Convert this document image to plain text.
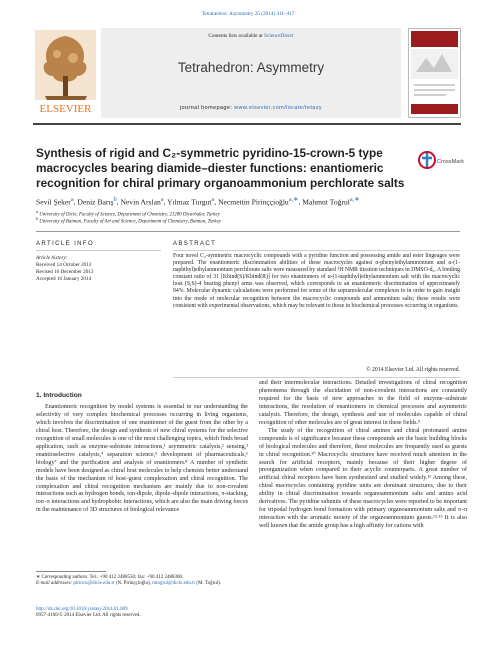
Tetrahedron: Asymmetry 25 (2014) 411–417
ELSEVIER
Contents lists available at ScienceDirect
Tetrahedron: Asymmetry
journal homepage: www.elsevier.com/locate/tetasy
Synthesis of rigid and C₂-symmetric pyridino-15-crown-5 type macrocycles bearing diamide–diester functions: enantiomeric recognition for chiral primary organoammonium perchlorate salts
CrossMark
Sevil Şeker$^a$, Deniz Barış$^b$, Nevin Arslan$^a$, Yılmaz Turgut$^a$, Necmettin Pirinççioğlu$^{a,∗}$, Mahmut Toğrul$^{a,∗}$
$^a$ University of Dicle, Faculty of Science, Department of Chemistry, 21280 Diyarbakır, Turkey
$^b$ University of Batman, Faculty of Art and Science, Department of Chemistry, Batman, Turkey
ARTICLE INFO
Article history:
Received 14 October 2013
Revised 16 December 2013
Accepted 16 January 2014
ABSTRACT
Four novel C₂-symmetric macrocyclic compounds with a pyridine function and possessing amide and ester lingeages were prepared. The enantiomeric discrimination abilities of these macrocycles against α-phenylethylammonium and α-(1-naphthyl)ethylammonium perchlorate salts were measured by standard ¹H NMR titration techniques in DMSO-d₆. A binding constant ratio of 31 [Kbind(S)/Kbind(R)] for two enantiomers of α-(1-naphthyl)ethylammonium salt with the macrocyclic host (S,S)-4 bearing phenyl arms was observed, which corresponds to an enantiomeric discrimination of approximately 94%. Molecular dynamic calculations were performed for some of the supramolecular complexes to in order to gain insight into the mode of molecular recognition between the macrocyclic compounds and ammonium salts; these results were consistent with experimental observations, which may be relevant to those in biochemical processes occurring in organisms.
© 2014 Elsevier Ltd. All rights reserved.
1. Introduction

Enantiomeric recognition by model systems is essential in our understanding the selectivity of very complex biochemical processes occurring in living organisms, which involves the discrimination of one enantiomer of the guest from the other by a chiral host. Therefore, the design and synthesis of new chiral systems for the selective recognition of small molecules is one of the most challenging topics, which finds broad application, such as enzyme-substrate interactions,¹ asymmetric catalysis,² sensing,³ enantioselective catalysis,⁴ separation science,⁵ development of pharmaceuticals,⁶ biology⁷ and the purification and analysis of enantiomers.⁸ A number of synthetic models have been designed as chiral host molecules to help chemists better understand the basis of the mechanism of host–guest complexation and chiral recognition. The complexation and chiral recognition mechanism are mainly due to non-covalent interactions such as hydrogen bonds, ion-dipole, dipole–dipole interactions, π-stacking, ion–π interactions and hydrophobic interactions, which are also the main driving forces in the maintenance of 3D structures of biological relevance

and their intermolecular interactions. Detailed investigations of chiral recognition phenomena through the elucidation of non-covalent interactions are constantly required for the basis of new approaches in the field of enzyme–substrate interactions, the resolution of enantiomers in chemical processes and asymmetric catalysis. Therefore, the design, synthesis and use of molecules capable of chiral recognition of other molecules are of great interest in these fields.⁹

The study of the recognition of chiral amines and chiral protonated amine compounds is of significance because these compounds are the basic building blocks of biological molecules and therefore, these molecules are frequently used as guests in chiral recognition.¹⁰ Macrocyclic structures have received much attention in the search for artificial receptors, mainly because of their higher degree of preorganization when compared to their acyclic counterparts. A great number of artificial chiral receptors have been synthesized and studied widely.¹¹ Among these, chiral macrocycles containing pyridine units are dominant structures, due to their ability in chiral discrimination towards organoammonium salts and amino acid derivatives. The pyridine subunits of these macrocycles were reported to be important for tripodal hydrogen bond formation with primary organoammonium salts and π–π interaction with the aromatic moiety of the organoammonium guests.¹²·¹³ It is also well known that the amide group has a high affinity for cations with

∗ Corresponding authors. Tel.: +90 412 2488550; fax: +90 412 2488300.
E-mail addresses: pirincn@dicle.edu.tr (N. Pirinççioğlu), mtogrul@dicle.edu.tr (M. Toğrul).
http://dx.doi.org/10.1016/j.tetasy.2014.01.009
0957-4166/© 2014 Elsevier Ltd. All rights reserved.
